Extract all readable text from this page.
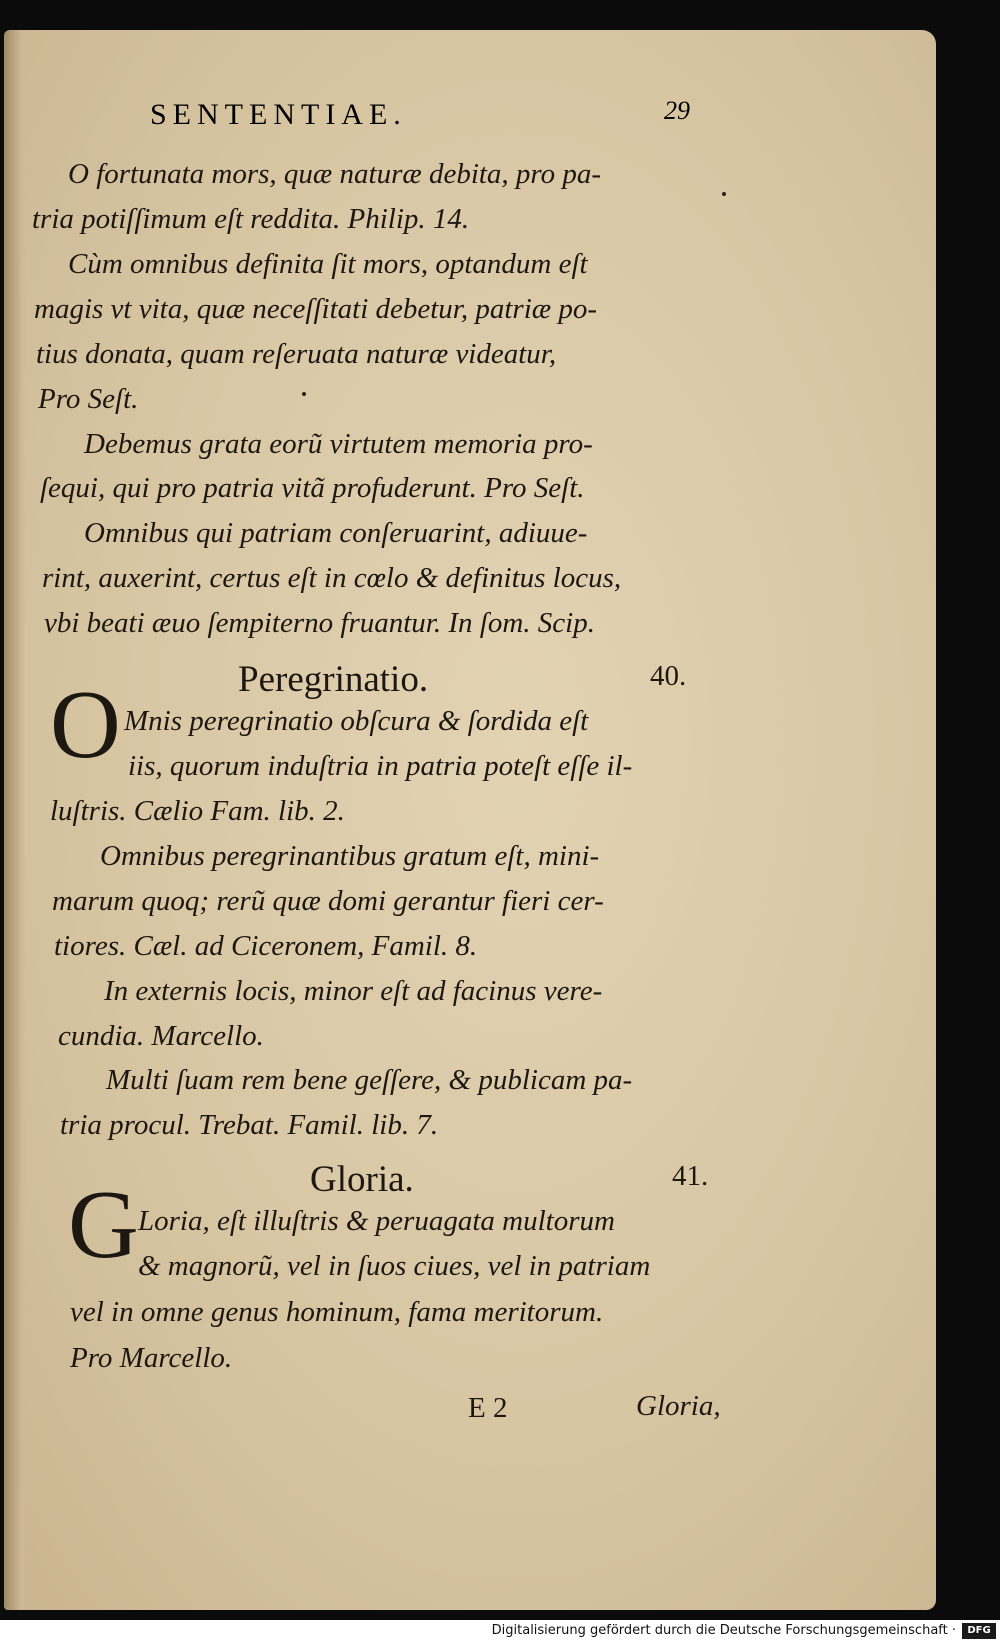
SENTENTIAE.	29
O fortunata mors, quæ naturæ debita, pro pa-
tria potiſſimum eſt reddita. Philip. 14.
Cùm omnibus definita ſit mors, optandum eſt
magis vt vita, quæ neceſſitati debetur, patriæ po-
tius donata, quam reſeruata naturæ videatur,
Pro Seſt.
Debemus grata eorũ virtutem memoria pro-
ſequi, qui pro patria vitã profuderunt. Pro Seſt.
Omnibus qui patriam conſeruarint, adiuue-
rint, auxerint, certus eſt in cœlo & definitus locus,
vbi beati æuo ſempiterno fruantur. In ſom. Scip.
Peregrinatio.	40.
O Mnis peregrinatio obſcura & ſordida eſt
iis, quorum induſtria in patria poteſt eſſe il-
luſtris. Cælio Fam. lib. 2.
Omnibus peregrinantibus gratum eſt, mini-
marum quoq; rerũ quæ domi gerantur fieri cer-
tiores. Cæl. ad Ciceronem, Famil. 8.
In externis locis, minor eſt ad facinus vere-
cundia. Marcello.
Multi ſuam rem bene geſſere, & publicam pa-
tria procul. Trebat. Famil. lib. 7.
Gloria.	41.
G Loria, eſt illuſtris & peruagata multorum
& magnorũ, vel in ſuos ciues, vel in patriam
vel in omne genus hominum, fama meritorum.
Pro Marcello.
E 2	Gloria,
Digitalisierung gefördert durch die Deutsche Forschungsgemeinschaft ·	DFG
